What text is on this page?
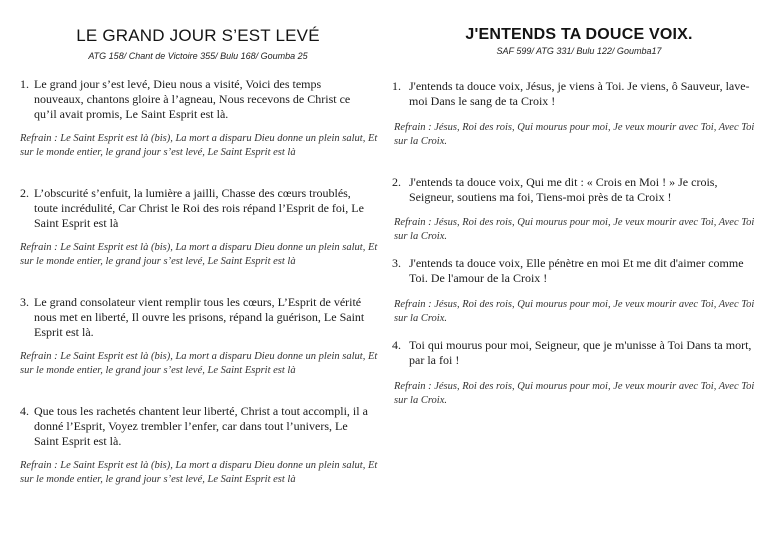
LE GRAND JOUR S’EST LEVÉ

ATG 158/ Chant de Victoire 355/ Bulu 168/ Goumba 25

1. Le grand jour s’est levé, Dieu nous a visité, Voici des temps nouveaux, chantons gloire à l’agneau, Nous recevons de Christ ce qu’il avait promis, Le Saint Esprit est là.

Refrain : Le Saint Esprit est là (bis), La mort a disparu Dieu donne un plein salut, Et sur le monde entier, le grand jour s’est levé, Le Saint Esprit est là

2. L’obscurité s’enfuit, la lumière a jailli, Chasse des cœurs troublés, toute incrédulité, Car Christ le Roi des rois répand l’Esprit de foi, Le Saint Esprit est là

Refrain : Le Saint Esprit est là (bis), La mort a disparu Dieu donne un plein salut, Et sur le monde entier, le grand jour s’est levé, Le Saint Esprit est là

3. Le grand consolateur vient remplir tous les cœurs, L’Esprit de vérité nous met en liberté, Il ouvre les prisons, répand la guérison, Le Saint Esprit est là.

Refrain : Le Saint Esprit est là (bis), La mort a disparu Dieu donne un plein salut, Et sur le monde entier, le grand jour s’est levé, Le Saint Esprit est là

4. Que tous les rachetés chantent leur liberté, Christ a tout accompli, il a donné l’Esprit, Voyez trembler l’enfer, car dans tout l’univers, Le Saint Esprit est là.

Refrain : Le Saint Esprit est là (bis), La mort a disparu Dieu donne un plein salut, Et sur le monde entier, le grand jour s’est levé, Le Saint Esprit est là

J'ENTENDS TA DOUCE VOIX.

SAF 599/ ATG 331/ Bulu 122/ Goumba17

1. J'entends ta douce voix, Jésus, je viens à Toi. Je viens, ô Sauveur, lave-moi Dans le sang de ta Croix !

Refrain : Jésus, Roi des rois, Qui mourus pour moi, Je veux mourir avec Toi, Avec Toi sur la Croix.

2. J'entends ta douce voix, Qui me dit : « Crois en Moi ! » Je crois, Seigneur, soutiens ma foi, Tiens-moi près de ta Croix !

Refrain : Jésus, Roi des rois, Qui mourus pour moi, Je veux mourir avec Toi, Avec Toi sur la Croix.

3. J'entends ta douce voix, Elle pénètre en moi Et me dit d'aimer comme Toi. De l'amour de la Croix !

Refrain : Jésus, Roi des rois, Qui mourus pour moi, Je veux mourir avec Toi, Avec Toi sur la Croix.

4. Toi qui mourus pour moi, Seigneur, que je m'unisse à Toi Dans ta mort, par la foi !

Refrain : Jésus, Roi des rois, Qui mourus pour moi, Je veux mourir avec Toi, Avec Toi sur la Croix.
